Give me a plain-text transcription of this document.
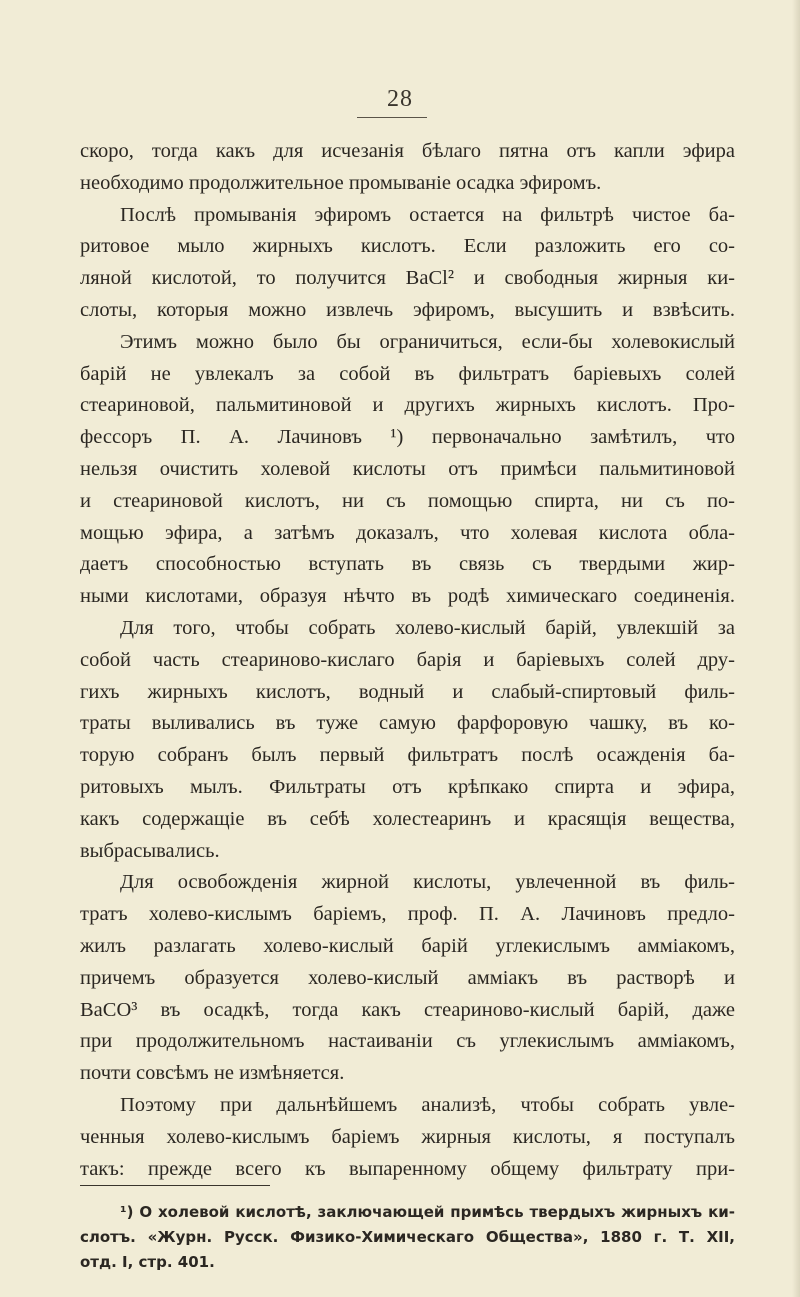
28
скоро, тогда какъ для исчезанія бѣлаго пятна отъ капли эфира
необходимо продолжительное промываніе осадка эфиромъ.
Послѣ промыванія эфиромъ остается на фильтрѣ чистое ба-
ритовое мыло жирныхъ кислотъ. Если разложить его со-
ляной кислотой, то получится BaCl² и свободныя жирныя ки-
слоты, которыя можно извлечь эфиромъ, высушить и взвѣсить.
Этимъ можно было бы ограничиться, если-бы холевокислый
барій не увлекалъ за собой въ фильтратъ баріевыхъ солей
стеариновой, пальмитиновой и другихъ жирныхъ кислотъ. Про-
фессоръ П. А. Лачиновъ ¹) первоначально замѣтилъ, что
нельзя очистить холевой кислоты отъ примѣси пальмитиновой
и стеариновой кислотъ, ни съ помощью спирта, ни съ по-
мощью эфира, а затѣмъ доказалъ, что холевая кислота обла-
даетъ способностью вступать въ связь съ твердыми жир-
ными кислотами, образуя нѣчто въ родѣ химическаго соединенія.
Для того, чтобы собрать холево-кислый барій, увлекшій за
собой часть стеариново-кислаго барія и баріевыхъ солей дру-
гихъ жирныхъ кислотъ, водный и слабый-спиртовый филь-
траты выливались въ туже самую фарфоровую чашку, въ ко-
торую собранъ былъ первый фильтратъ послѣ осажденія ба-
ритовыхъ мылъ. Фильтраты отъ крѣпкако спирта и эфира,
какъ содержащіе въ себѣ холестеаринъ и красящія вещества,
выбрасывались.
Для освобожденія жирной кислоты, увлеченной въ филь-
тратъ холево-кислымъ баріемъ, проф. П. А. Лачиновъ предло-
жилъ разлагать холево-кислый барій углекислымъ амміакомъ,
причемъ образуется холево-кислый амміакъ въ растворѣ и
BaCO³ въ осадкѣ, тогда какъ стеариново-кислый барій, даже
при продолжительномъ настаиваніи съ углекислымъ амміакомъ,
почти совсѣмъ не измѣняется.
Поэтому при дальнѣйшемъ анализѣ, чтобы собрать увле-
ченныя холево-кислымъ баріемъ жирныя кислоты, я поступалъ
такъ: прежде всего къ выпаренному общему фильтрату при-
¹) О холевой кислотѣ, заключающей примѣсь твердыхъ жирныхъ ки-
слотъ. «Журн. Русск. Физико-Химическаго Общества», 1880 г. Т. XII,
отд. I, стр. 401.
